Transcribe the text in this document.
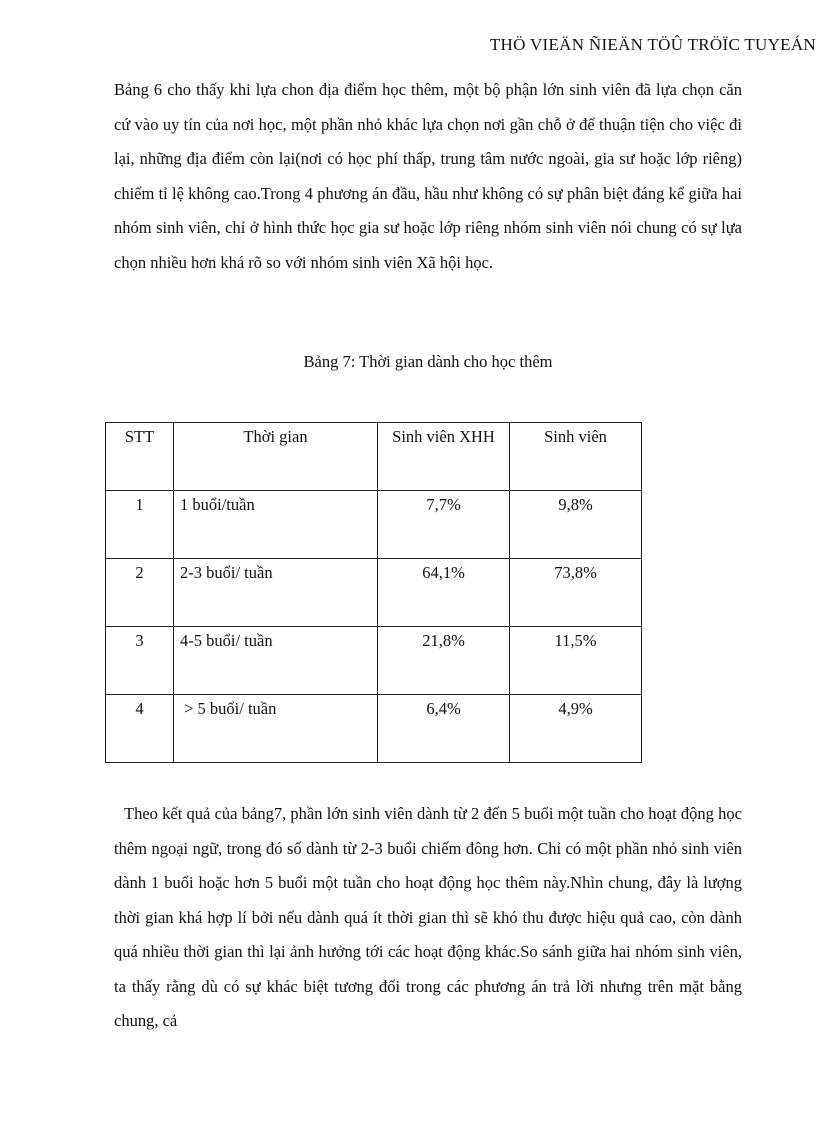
THÖ VIEÄN ÑIEÄN TÖÛ TRÖÏC TUYEÁN

Bảng 6 cho thấy khi lựa chon địa điểm học thêm, một bộ phận lớn sinh viên đã lựa chọn căn cứ vào uy tín của nơi học, một phần nhỏ khác lựa chọn nơi gần chỗ ở để thuận tiện cho việc đi lại, những địa điểm còn lại(nơi có học phí thấp, trung tâm nước ngoài, gia sư hoặc lớp riêng) chiếm tỉ lệ không cao.Trong 4 phương án đầu, hầu như không có sự phân biệt đáng kể giữa hai nhóm sinh viên, chỉ ở hình thức học gia sư hoặc lớp riêng nhóm sinh viên nói chung có sự lựa chọn nhiều hơn khá rõ so với nhóm sinh viên Xã hội học.

Bảng 7: Thời gian dành cho học thêm
STT	Thời gian	Sinh viên XHH	Sinh viên
1	1 buổi/tuần	7,7%	9,8%
2	2-3 buổi/ tuần	64,1%	73,8%
3	4-5 buổi/ tuần	21,8%	11,5%
4	> 5 buổi/ tuần	6,4%	4,9%

Theo kết quả của bảng7, phần lớn sinh viên dành từ 2 đến 5 buổi một tuần cho hoạt động học thêm ngoại ngữ, trong đó số dành từ 2-3 buổi chiếm đông hơn. Chỉ có một phần nhỏ sinh viên dành 1 buổi hoặc hơn 5 buổi một tuần cho hoạt động học thêm này.Nhìn chung, đây là lượng thời gian khá hợp lí bởi nếu dành quá ít thời gian thì sẽ khó thu được hiệu quả cao, còn dành quá nhiều thời gian thì lại ảnh hưởng tới các hoạt động khác.So sánh giữa hai nhóm sinh viên, ta thấy rằng dù có sự khác biệt tương đối trong các phương án trả lời nhưng trên mặt bằng chung, cả
